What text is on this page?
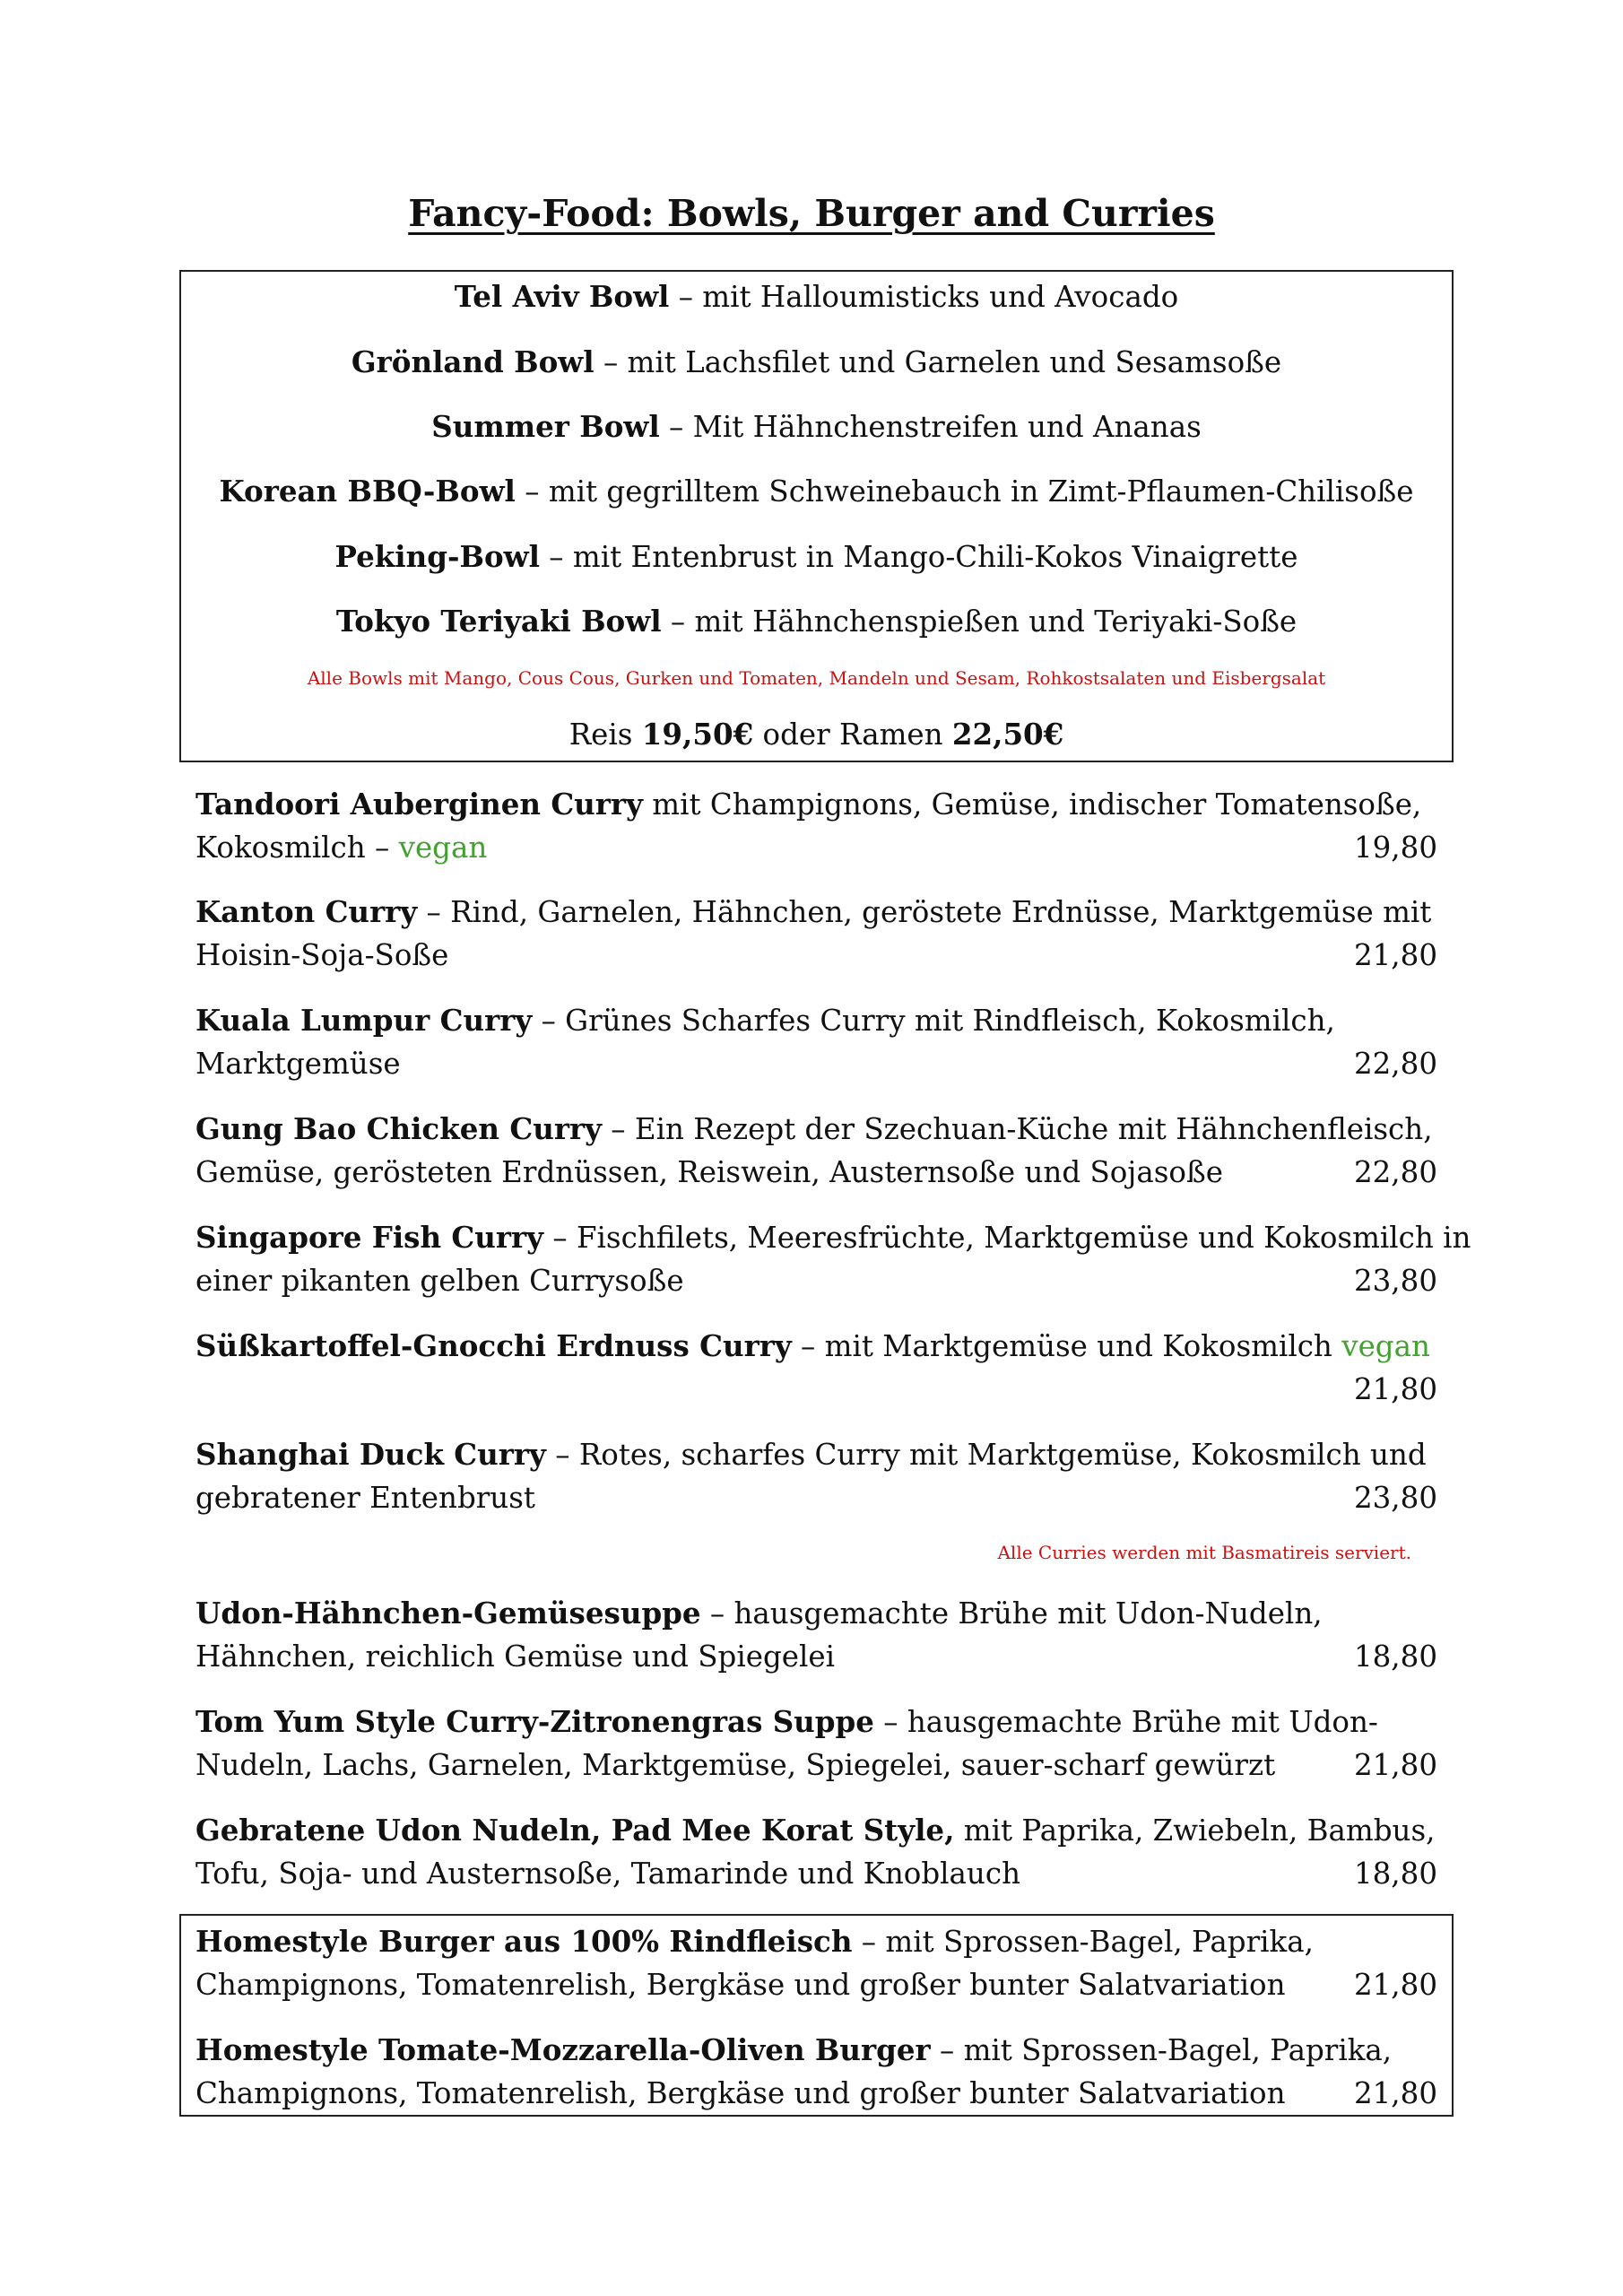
Fancy-Food: Bowls, Burger and Curries
Tel Aviv Bowl – mit Halloumisticks und Avocado
Grönland Bowl – mit Lachsfilet und Garnelen und Sesamsoße
Summer Bowl – Mit Hähnchenstreifen und Ananas
Korean BBQ-Bowl – mit gegrilltem Schweinebauch in Zimt-Pflaumen-Chilisoße
Peking-Bowl – mit Entenbrust in Mango-Chili-Kokos Vinaigrette
Tokyo Teriyaki Bowl – mit Hähnchenspießen und Teriyaki-Soße
Alle Bowls mit Mango, Cous Cous, Gurken und Tomaten, Mandeln und Sesam, Rohkostsalaten und Eisbergsalat
Reis 19,50€ oder Ramen 22,50€
Tandoori Auberginen Curry mit Champignons, Gemüse, indischer Tomatensoße,
Kokosmilch – vegan	19,80
Kanton Curry – Rind, Garnelen, Hähnchen, geröstete Erdnüsse, Marktgemüse mit
Hoisin-Soja-Soße	21,80
Kuala Lumpur Curry – Grünes Scharfes Curry mit Rindfleisch, Kokosmilch,
Marktgemüse	22,80
Gung Bao Chicken Curry – Ein Rezept der Szechuan-Küche mit Hähnchenfleisch,
Gemüse, gerösteten Erdnüssen, Reiswein, Austernsoße und Sojasoße	22,80
Singapore Fish Curry – Fischfilets, Meeresfrüchte, Marktgemüse und Kokosmilch in
einer pikanten gelben Currysoße	23,80
Süßkartoffel-Gnocchi Erdnuss Curry – mit Marktgemüse und Kokosmilch vegan

21,80
Shanghai Duck Curry – Rotes, scharfes Curry mit Marktgemüse, Kokosmilch und
gebratener Entenbrust	23,80
Alle Curries werden mit Basmatireis serviert.
Udon-Hähnchen-Gemüsesuppe – hausgemachte Brühe mit Udon-Nudeln,
Hähnchen, reichlich Gemüse und Spiegelei	18,80
Tom Yum Style Curry-Zitronengras Suppe – hausgemachte Brühe mit Udon-
Nudeln, Lachs, Garnelen, Marktgemüse, Spiegelei, sauer-scharf gewürzt	21,80
Gebratene Udon Nudeln, Pad Mee Korat Style, mit Paprika, Zwiebeln, Bambus,
Tofu, Soja- und Austernsoße, Tamarinde und Knoblauch	18,80
Homestyle Burger aus 100% Rindfleisch – mit Sprossen-Bagel, Paprika,
Champignons, Tomatenrelish, Bergkäse und großer bunter Salatvariation	21,80
Homestyle Tomate-Mozzarella-Oliven Burger – mit Sprossen-Bagel, Paprika,
Champignons, Tomatenrelish, Bergkäse und großer bunter Salatvariation	21,80
